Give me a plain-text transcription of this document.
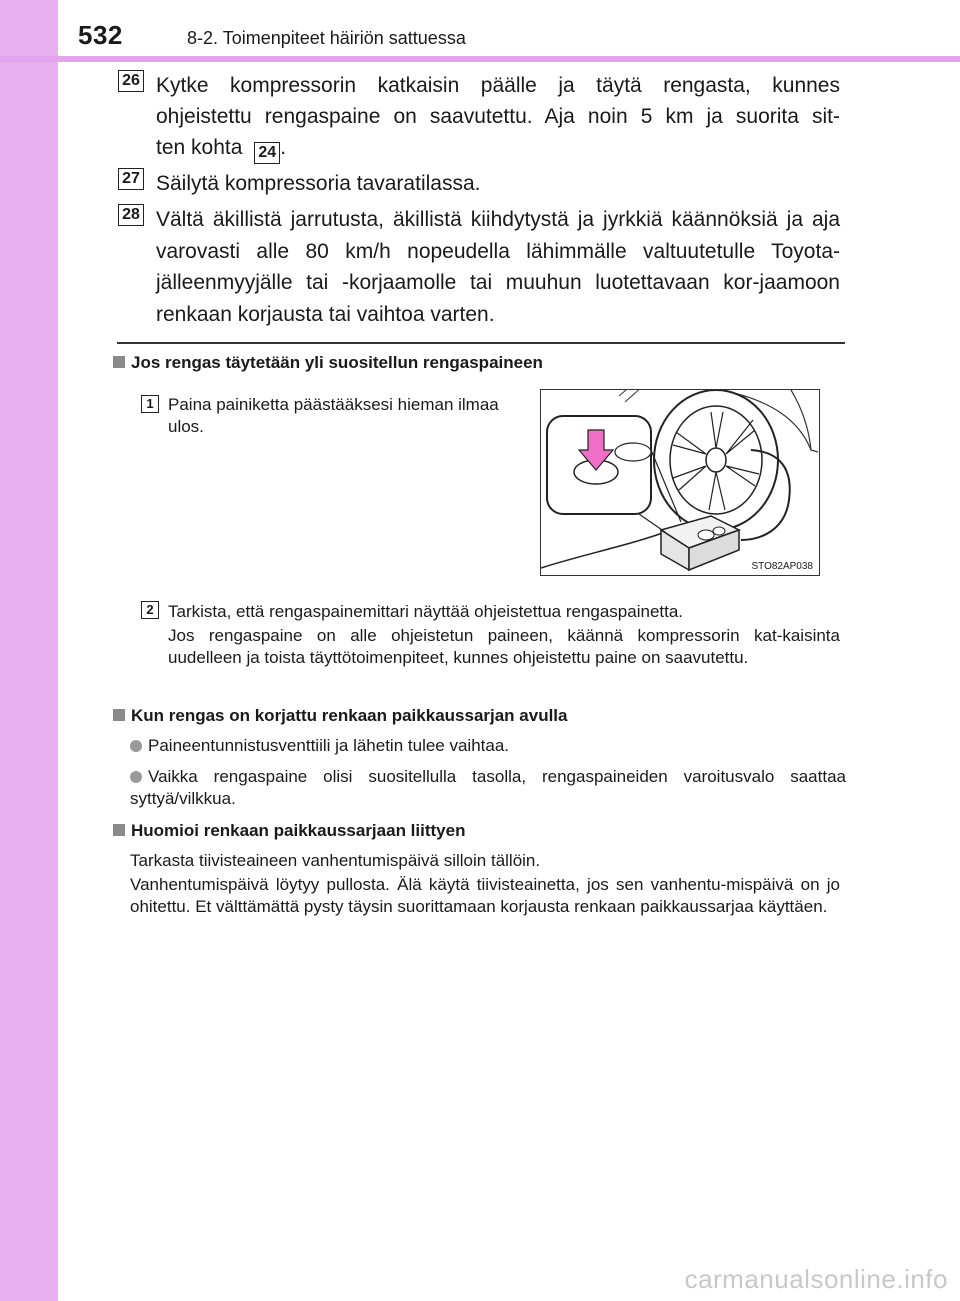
532	8-2. Toimenpiteet häiriön sattuessa
26 Kytke kompressorin katkaisin päälle ja täytä rengasta, kunnes
ohjeistettu rengaspaine on saavutettu. Aja noin 5 km ja suorita sit-
ten kohta 24 .
27 Säilytä kompressoria tavaratilassa.
28 Vältä äkillistä jarrutusta, äkillistä kiihdytystä ja jyrkkiä käännöksiä ja aja varovasti alle 80 km/h nopeudella lähimmälle valtuutetulle Toyota-jälleenmyyjälle tai -korjaamolle tai muuhun luotettavaan kor-jaamoon renkaan korjausta tai vaihtoa varten.
Jos rengas täytetään yli suositellun rengaspaineen
1 Paina painiketta päästääksesi hieman ilmaa ulos.
STO82AP038
2 Tarkista, että rengaspainemittari näyttää ohjeistettua rengaspainetta.
Jos rengaspaine on alle ohjeistetun paineen, käännä kompressorin kat-kaisinta uudelleen ja toista täyttötoimenpiteet, kunnes ohjeistettu paine on saavutettu.
Kun rengas on korjattu renkaan paikkaussarjan avulla
Paineentunnistusventtiili ja lähetin tulee vaihtaa.
Vaikka rengaspaine olisi suositellulla tasolla, rengaspaineiden varoitusvalo saattaa syttyä/vilkkua.
Huomioi renkaan paikkaussarjaan liittyen
Tarkasta tiivisteaineen vanhentumispäivä silloin tällöin.
Vanhentumispäivä löytyy pullosta. Älä käytä tiivisteainetta, jos sen vanhentu-mispäivä on jo ohitettu. Et välttämättä pysty täysin suorittamaan korjausta renkaan paikkaussarjaa käyttäen.
carmanualsonline.info
